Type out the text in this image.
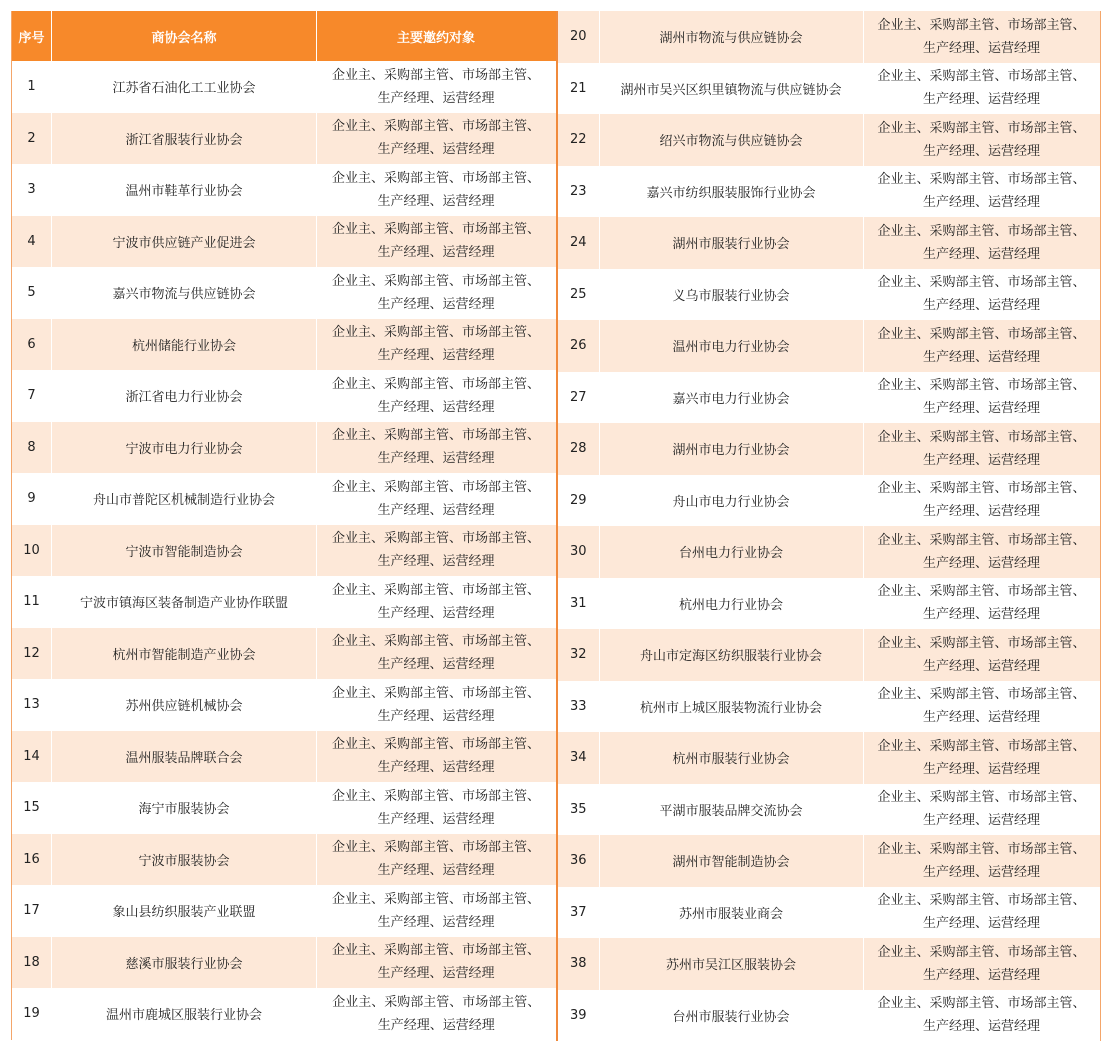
序号	商协会名称	主要邀约对象
1	江苏省石油化工工业协会	企业主、采购部主管、市场部主管、
生产经理、运营经理

2	浙江省服装行业协会	企业主、采购部主管、市场部主管、
生产经理、运营经理

3	温州市鞋革行业协会	企业主、采购部主管、市场部主管、
生产经理、运营经理

4	宁波市供应链产业促进会	企业主、采购部主管、市场部主管、
生产经理、运营经理

5	嘉兴市物流与供应链协会	企业主、采购部主管、市场部主管、
生产经理、运营经理

6	杭州储能行业协会	企业主、采购部主管、市场部主管、
生产经理、运营经理

7	浙江省电力行业协会	企业主、采购部主管、市场部主管、
生产经理、运营经理

8	宁波市电力行业协会	企业主、采购部主管、市场部主管、
生产经理、运营经理

9	舟山市普陀区机械制造行业协会	企业主、采购部主管、市场部主管、
生产经理、运营经理

10	宁波市智能制造协会	企业主、采购部主管、市场部主管、
生产经理、运营经理

11	宁波市镇海区装备制造产业协作联盟	企业主、采购部主管、市场部主管、
生产经理、运营经理

12	杭州市智能制造产业协会	企业主、采购部主管、市场部主管、
生产经理、运营经理

13	苏州供应链机械协会	企业主、采购部主管、市场部主管、
生产经理、运营经理

14	温州服装品牌联合会	企业主、采购部主管、市场部主管、
生产经理、运营经理

15	海宁市服装协会	企业主、采购部主管、市场部主管、
生产经理、运营经理

16	宁波市服装协会	企业主、采购部主管、市场部主管、
生产经理、运营经理

17	象山县纺织服装产业联盟	企业主、采购部主管、市场部主管、
生产经理、运营经理

18	慈溪市服装行业协会	企业主、采购部主管、市场部主管、
生产经理、运营经理

19	温州市鹿城区服装行业协会	企业主、采购部主管、市场部主管、
生产经理、运营经理
20	湖州市物流与供应链协会	企业主、采购部主管、市场部主管、
生产经理、运营经理

21	湖州市吴兴区织里镇物流与供应链协会	企业主、采购部主管、市场部主管、
生产经理、运营经理

22	绍兴市物流与供应链协会	企业主、采购部主管、市场部主管、
生产经理、运营经理

23	嘉兴市纺织服装服饰行业协会	企业主、采购部主管、市场部主管、
生产经理、运营经理

24	湖州市服装行业协会	企业主、采购部主管、市场部主管、
生产经理、运营经理

25	义乌市服装行业协会	企业主、采购部主管、市场部主管、
生产经理、运营经理

26	温州市电力行业协会	企业主、采购部主管、市场部主管、
生产经理、运营经理

27	嘉兴市电力行业协会	企业主、采购部主管、市场部主管、
生产经理、运营经理

28	湖州市电力行业协会	企业主、采购部主管、市场部主管、
生产经理、运营经理

29	舟山市电力行业协会	企业主、采购部主管、市场部主管、
生产经理、运营经理

30	台州电力行业协会	企业主、采购部主管、市场部主管、
生产经理、运营经理

31	杭州电力行业协会	企业主、采购部主管、市场部主管、
生产经理、运营经理

32	舟山市定海区纺织服装行业协会	企业主、采购部主管、市场部主管、
生产经理、运营经理

33	杭州市上城区服装物流行业协会	企业主、采购部主管、市场部主管、
生产经理、运营经理

34	杭州市服装行业协会	企业主、采购部主管、市场部主管、
生产经理、运营经理

35	平湖市服装品牌交流协会	企业主、采购部主管、市场部主管、
生产经理、运营经理

36	湖州市智能制造协会	企业主、采购部主管、市场部主管、
生产经理、运营经理

37	苏州市服装业商会	企业主、采购部主管、市场部主管、
生产经理、运营经理

38	苏州市吴江区服装协会	企业主、采购部主管、市场部主管、
生产经理、运营经理

39	台州市服装行业协会	企业主、采购部主管、市场部主管、
生产经理、运营经理
